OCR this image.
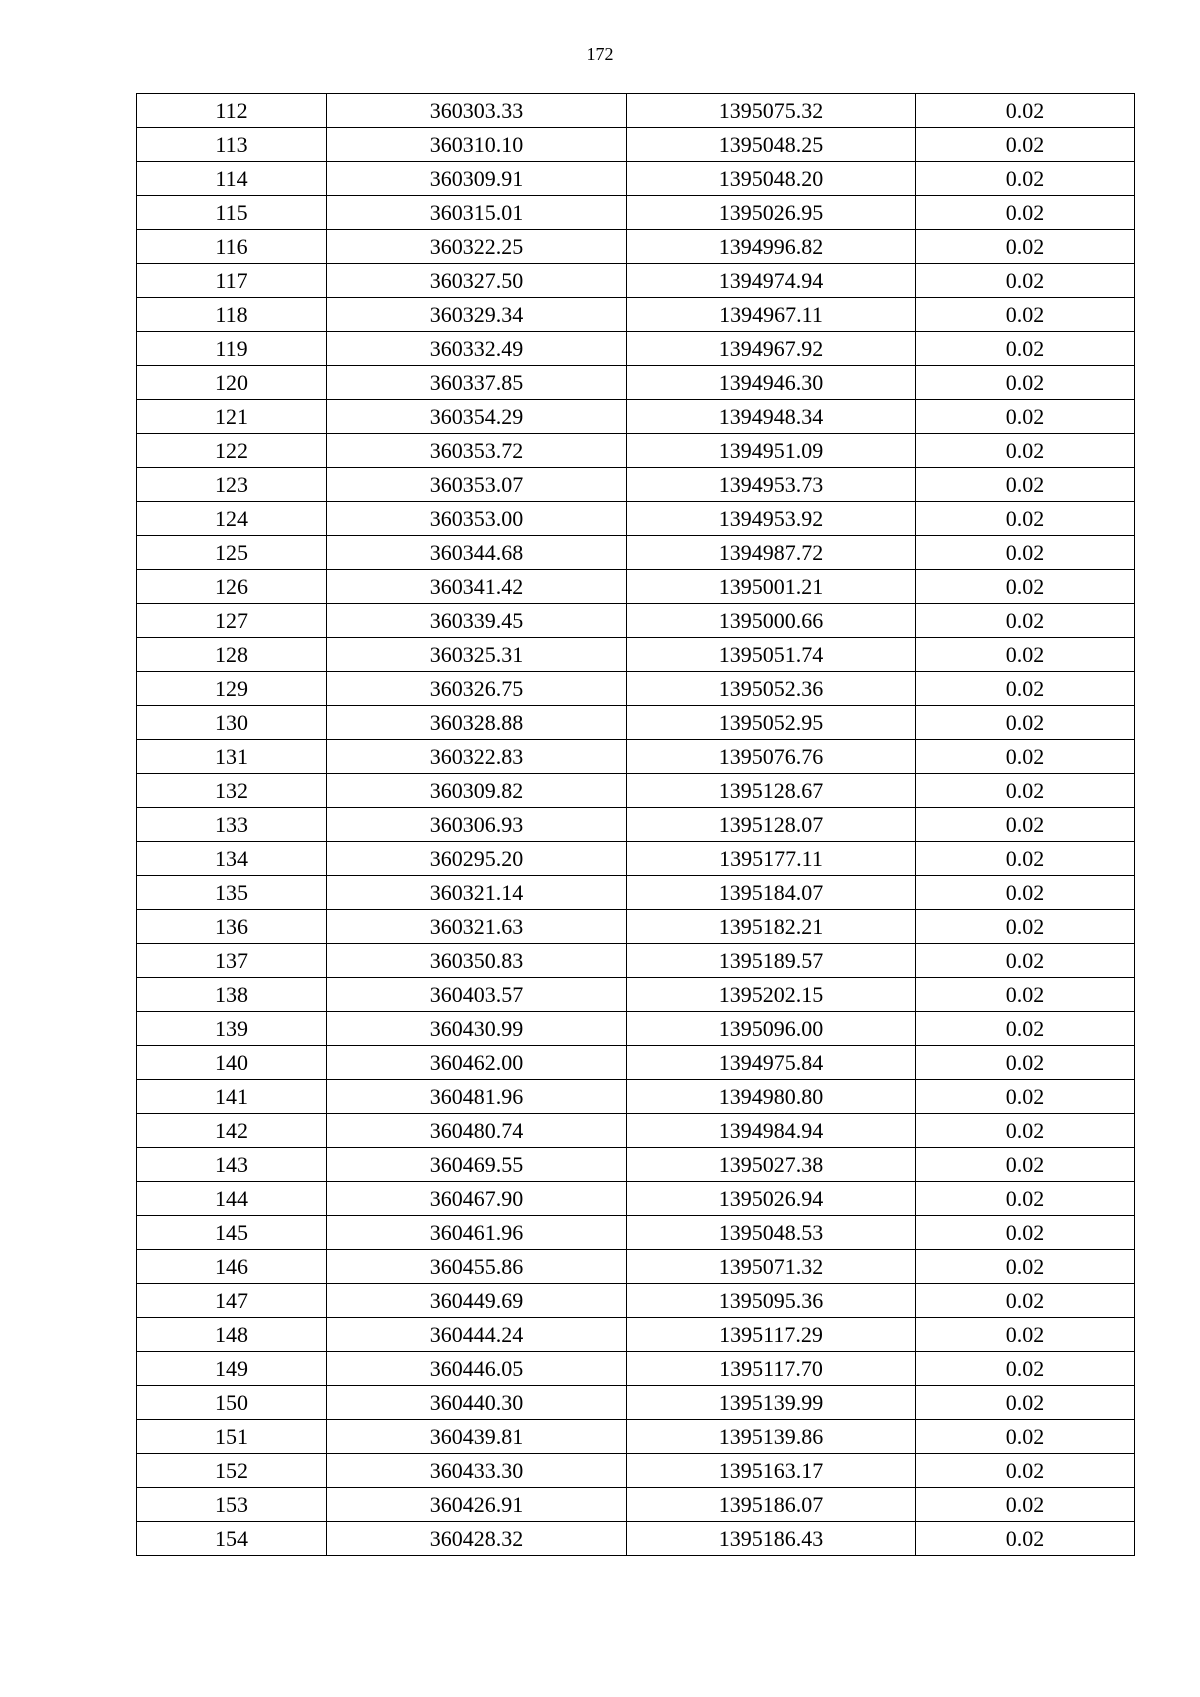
172
112	360303.33	1395075.32	0.02
113	360310.10	1395048.25	0.02
114	360309.91	1395048.20	0.02
115	360315.01	1395026.95	0.02
116	360322.25	1394996.82	0.02
117	360327.50	1394974.94	0.02
118	360329.34	1394967.11	0.02
119	360332.49	1394967.92	0.02
120	360337.85	1394946.30	0.02
121	360354.29	1394948.34	0.02
122	360353.72	1394951.09	0.02
123	360353.07	1394953.73	0.02
124	360353.00	1394953.92	0.02
125	360344.68	1394987.72	0.02
126	360341.42	1395001.21	0.02
127	360339.45	1395000.66	0.02
128	360325.31	1395051.74	0.02
129	360326.75	1395052.36	0.02
130	360328.88	1395052.95	0.02
131	360322.83	1395076.76	0.02
132	360309.82	1395128.67	0.02
133	360306.93	1395128.07	0.02
134	360295.20	1395177.11	0.02
135	360321.14	1395184.07	0.02
136	360321.63	1395182.21	0.02
137	360350.83	1395189.57	0.02
138	360403.57	1395202.15	0.02
139	360430.99	1395096.00	0.02
140	360462.00	1394975.84	0.02
141	360481.96	1394980.80	0.02
142	360480.74	1394984.94	0.02
143	360469.55	1395027.38	0.02
144	360467.90	1395026.94	0.02
145	360461.96	1395048.53	0.02
146	360455.86	1395071.32	0.02
147	360449.69	1395095.36	0.02
148	360444.24	1395117.29	0.02
149	360446.05	1395117.70	0.02
150	360440.30	1395139.99	0.02
151	360439.81	1395139.86	0.02
152	360433.30	1395163.17	0.02
153	360426.91	1395186.07	0.02
154	360428.32	1395186.43	0.02
